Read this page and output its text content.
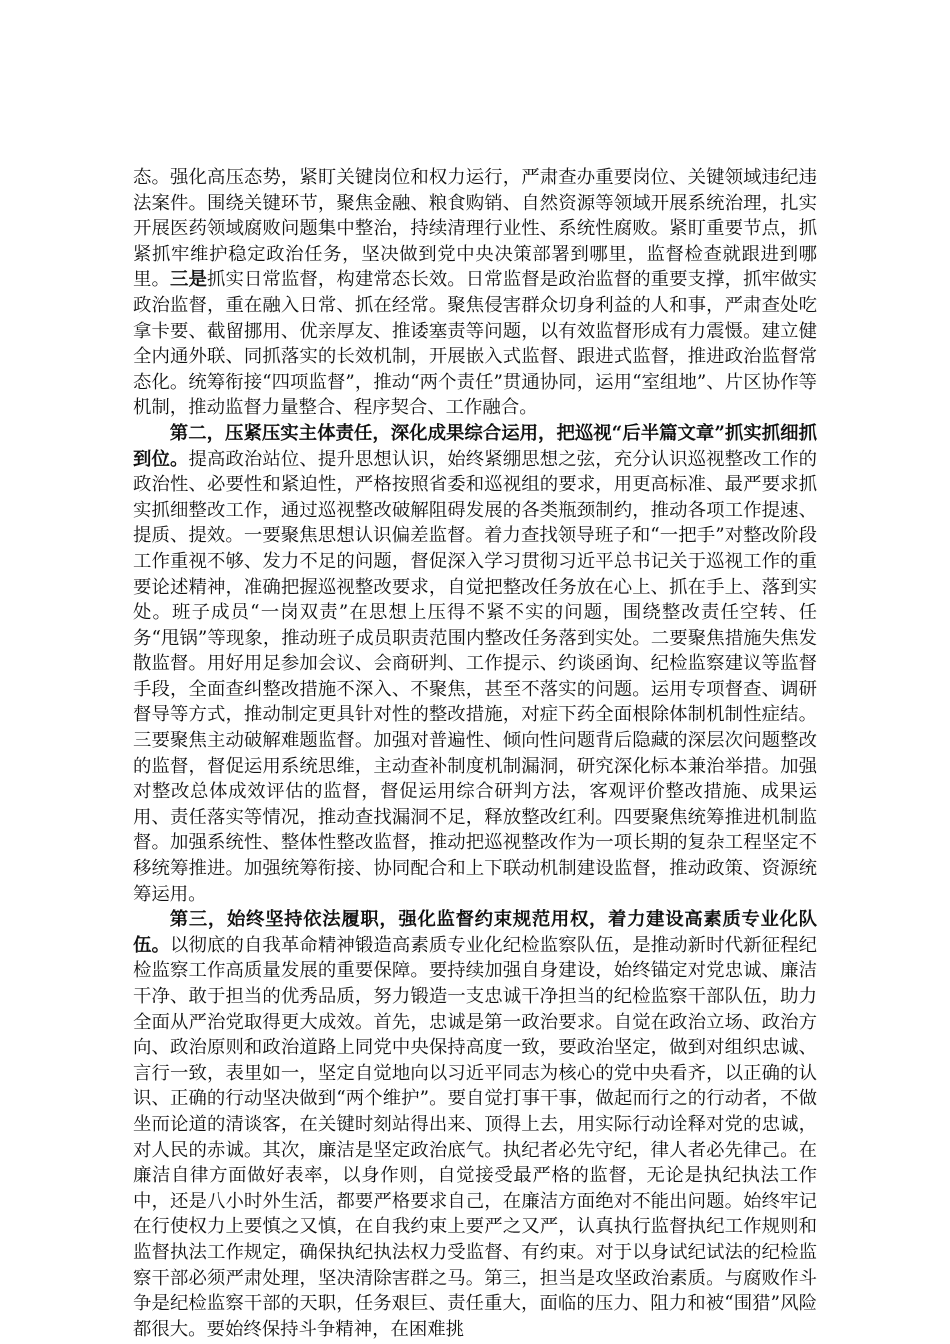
态。强化高压态势，紧盯关键岗位和权力运行，严肃查办重要岗位、关键领域违纪违法案件。围绕关键环节，聚焦金融、粮食购销、自然资源等领域开展系统治理，扎实开展医药领域腐败问题集中整治，持续清理行业性、系统性腐败。紧盯重要节点，抓紧抓牢维护稳定政治任务，坚决做到党中央决策部署到哪里，监督检查就跟进到哪里。三是抓实日常监督，构建常态长效。日常监督是政治监督的重要支撑，抓牢做实政治监督，重在融入日常、抓在经常。聚焦侵害群众切身利益的人和事，严肃查处吃拿卡要、截留挪用、优亲厚友、推诿塞责等问题，以有效监督形成有力震慑。建立健全内通外联、同抓落实的长效机制，开展嵌入式监督、跟进式监督，推进政治监督常态化。统筹衔接“四项监督”，推动“两个责任”贯通协同，运用“室组地”、片区协作等机制，推动监督力量整合、程序契合、工作融合。

第二，压紧压实主体责任，深化成果综合运用，把巡视“后半篇文章”抓实抓细抓到位。提高政治站位、提升思想认识，始终紧绷思想之弦，充分认识巡视整改工作的政治性、必要性和紧迫性，严格按照省委和巡视组的要求，用更高标准、最严要求抓实抓细整改工作，通过巡视整改破解阻碍发展的各类瓶颈制约，推动各项工作提速、提质、提效。一要聚焦思想认识偏差监督。着力查找领导班子和“一把手”对整改阶段工作重视不够、发力不足的问题，督促深入学习贯彻习近平总书记关于巡视工作的重要论述精神，准确把握巡视整改要求，自觉把整改任务放在心上、抓在手上、落到实处。班子成员“一岗双责”在思想上压得不紧不实的问题，围绕整改责任空转、任务“甩锅”等现象，推动班子成员职责范围内整改任务落到实处。二要聚焦措施失焦发散监督。用好用足参加会议、会商研判、工作提示、约谈函询、纪检监察建议等监督手段，全面查纠整改措施不深入、不聚焦，甚至不落实的问题。运用专项督查、调研督导等方式，推动制定更具针对性的整改措施，对症下药全面根除体制机制性症结。三要聚焦主动破解难题监督。加强对普遍性、倾向性问题背后隐藏的深层次问题整改的监督，督促运用系统思维，主动查补制度机制漏洞，研究深化标本兼治举措。加强对整改总体成效评估的监督，督促运用综合研判方法，客观评价整改措施、成果运用、责任落实等情况，推动查找漏洞不足，释放整改红利。四要聚焦统筹推进机制监督。加强系统性、整体性整改监督，推动把巡视整改作为一项长期的复杂工程坚定不移统筹推进。加强统筹衔接、协同配合和上下联动机制建设监督，推动政策、资源统筹运用。

第三，始终坚持依法履职，强化监督约束规范用权，着力建设高素质专业化队伍。以彻底的自我革命精神锻造高素质专业化纪检监察队伍，是推动新时代新征程纪检监察工作高质量发展的重要保障。要持续加强自身建设，始终锚定对党忠诚、廉洁干净、敢于担当的优秀品质，努力锻造一支忠诚干净担当的纪检监察干部队伍，助力全面从严治党取得更大成效。首先，忠诚是第一政治要求。自觉在政治立场、政治方向、政治原则和政治道路上同党中央保持高度一致，要政治坚定，做到对组织忠诚、言行一致，表里如一，坚定自觉地向以习近平同志为核心的党中央看齐，以正确的认识、正确的行动坚决做到“两个维护”。要自觉打事干事，做起而行之的行动者，不做坐而论道的清谈客，在关键时刻站得出来、顶得上去，用实际行动诠释对党的忠诚，对人民的赤诚。其次，廉洁是坚定政治底气。执纪者必先守纪，律人者必先律己。在廉洁自律方面做好表率，以身作则，自觉接受最严格的监督，无论是执纪执法工作中，还是八小时外生活，都要严格要求自己，在廉洁方面绝对不能出问题。始终牢记在行使权力上要慎之又慎，在自我约束上要严之又严，认真执行监督执纪工作规则和监督执法工作规定，确保执纪执法权力受监督、有约束。对于以身试纪试法的纪检监察干部必须严肃处理，坚决清除害群之马。第三，担当是攻坚政治素质。与腐败作斗争是纪检监察干部的天职，任务艰巨、责任重大，面临的压力、阻力和被“围猎”风险都很大。要始终保持斗争精神，在困难挑
